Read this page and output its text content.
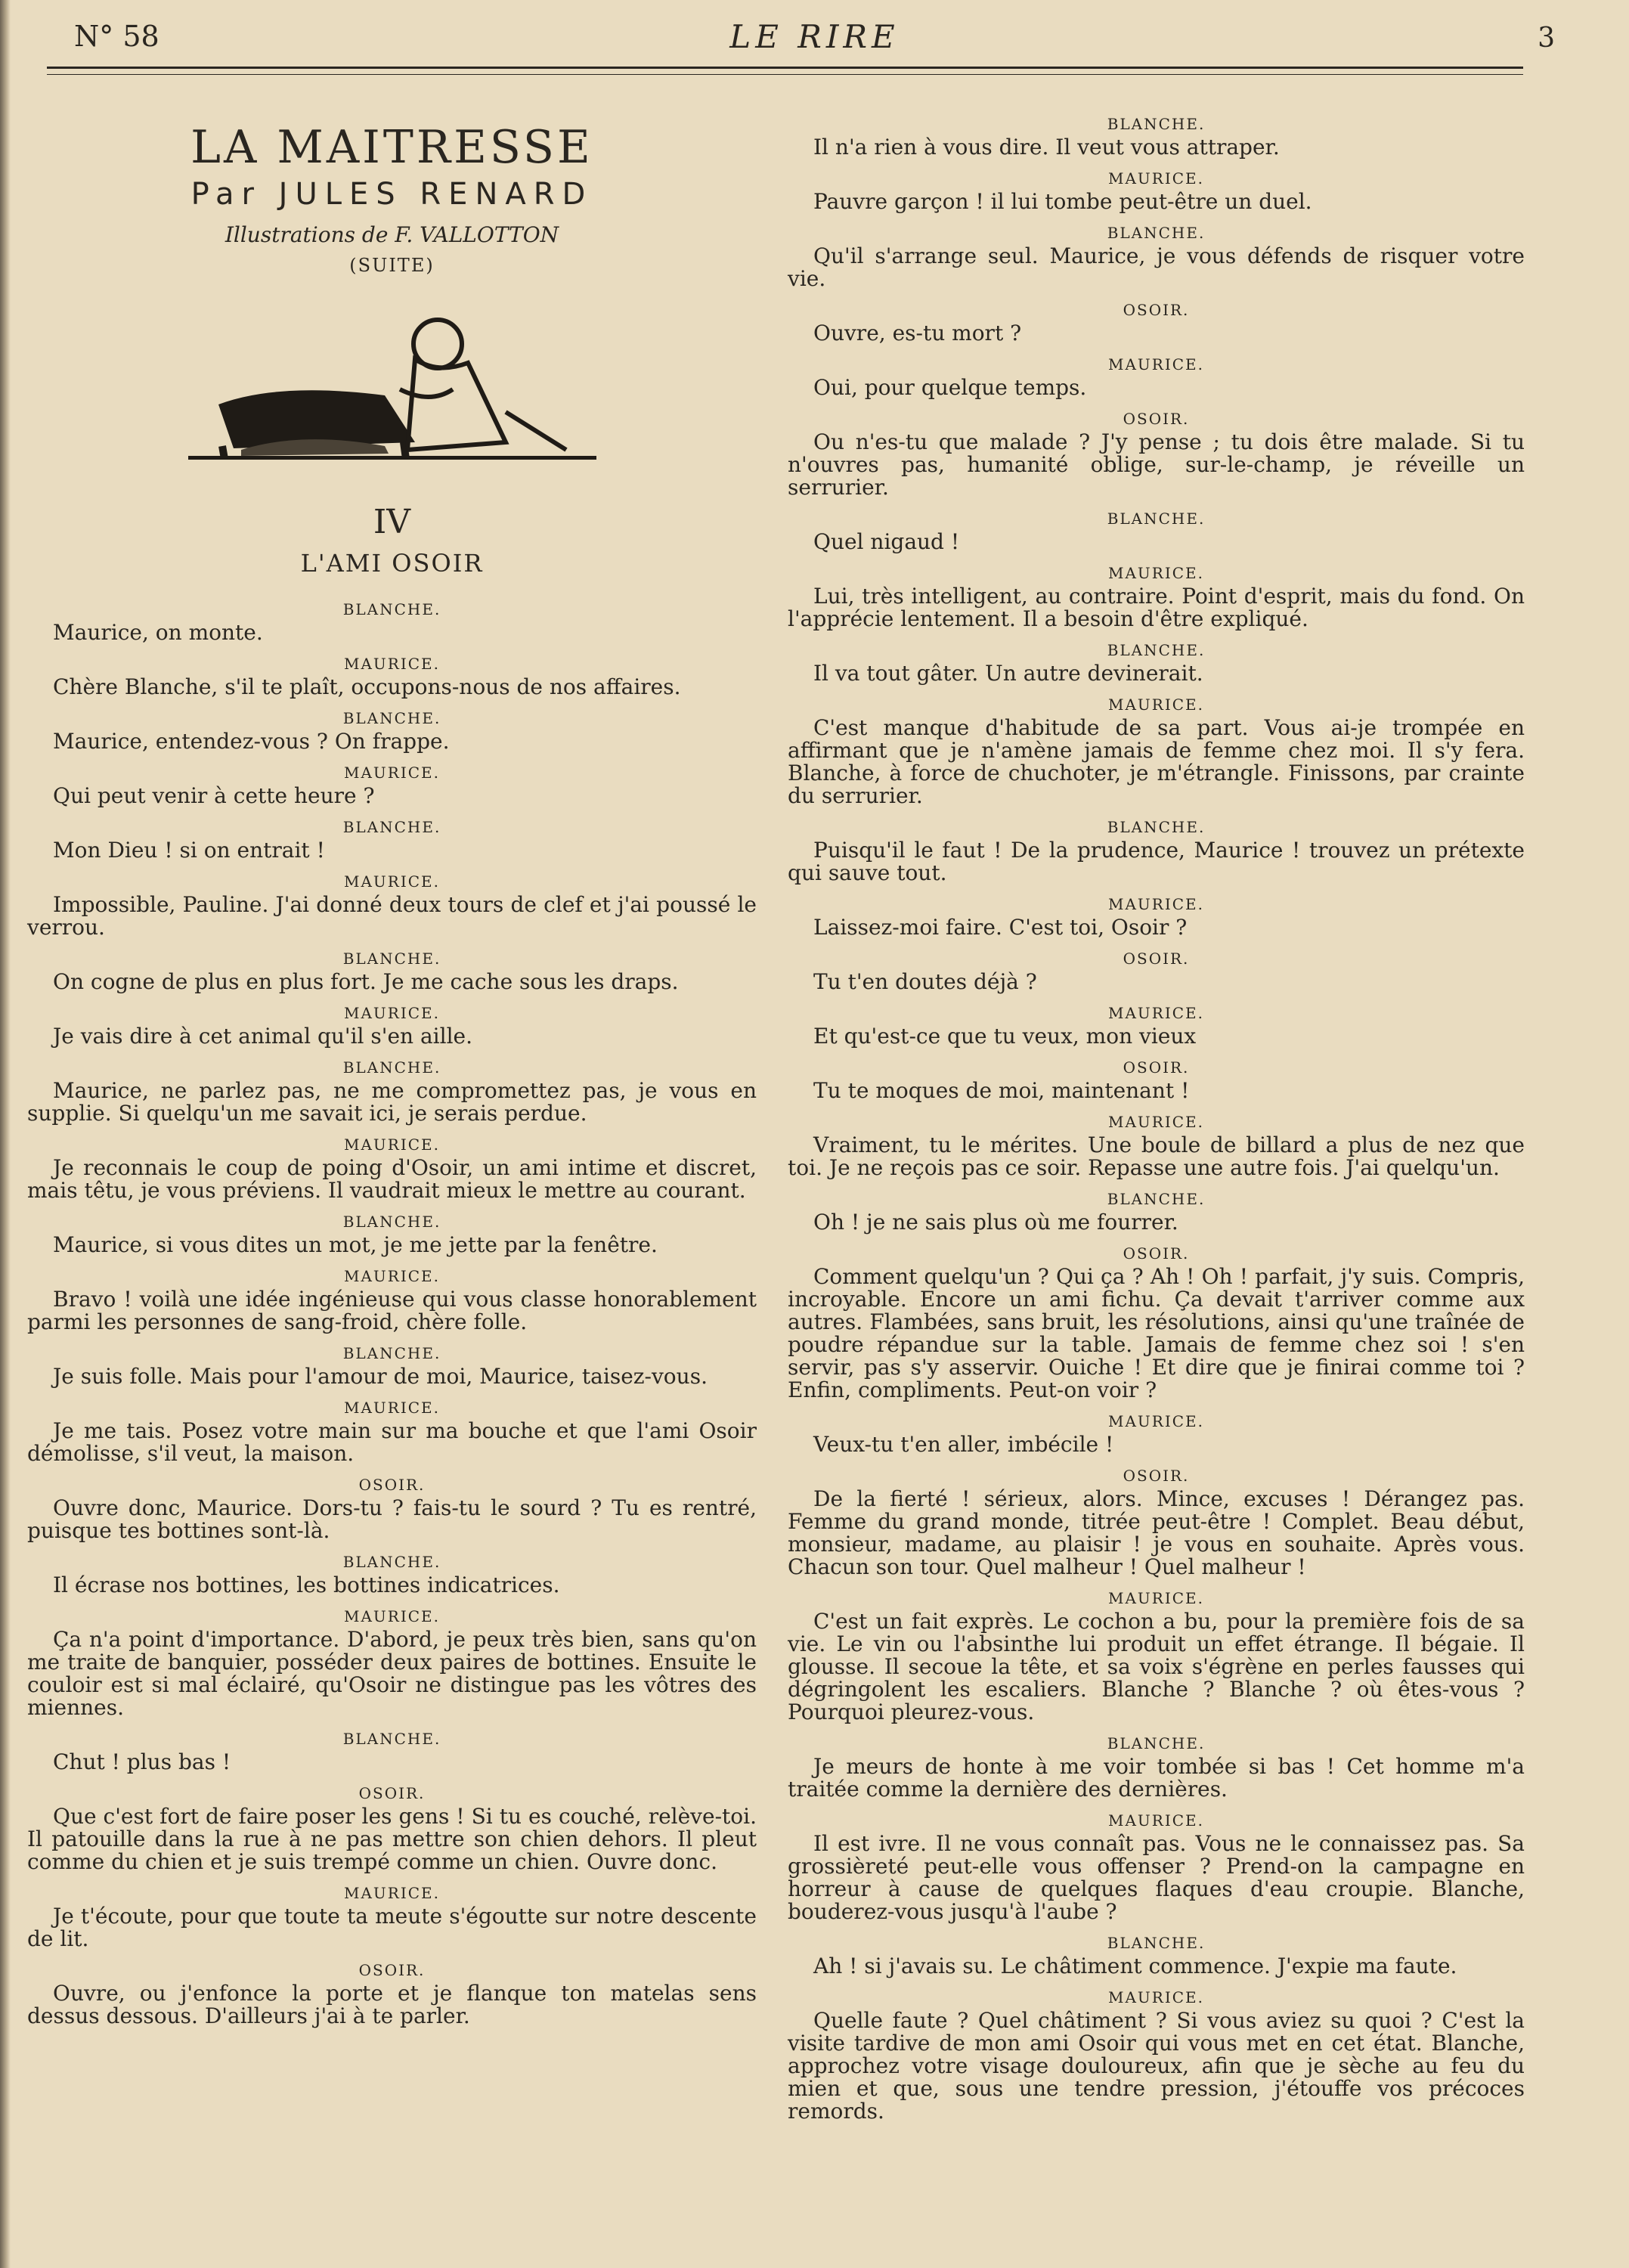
N° 58	LE RIRE	3
LA MAITRESSE

Par JULES RENARD

Illustrations de F. VALLOTTON

(SUITE)

IV
L'AMI OSOIR
BLANCHE.

Maurice, on monte.

MAURICE.

Chère Blanche, s'il te plaît, occupons-nous de nos affaires.

BLANCHE.

Maurice, entendez-vous ? On frappe.

MAURICE.

Qui peut venir à cette heure ?

BLANCHE.

Mon Dieu ! si on entrait !

MAURICE.

Impossible, Pauline. J'ai donné deux tours de clef et j'ai poussé le verrou.

BLANCHE.

On cogne de plus en plus fort. Je me cache sous les draps.

MAURICE.

Je vais dire à cet animal qu'il s'en aille.

BLANCHE.

Maurice, ne parlez pas, ne me compromettez pas, je vous en supplie. Si quelqu'un me savait ici, je serais perdue.

MAURICE.

Je reconnais le coup de poing d'Osoir, un ami intime et discret, mais têtu, je vous préviens. Il vaudrait mieux le mettre au courant.

BLANCHE.

Maurice, si vous dites un mot, je me jette par la fenêtre.

MAURICE.

Bravo ! voilà une idée ingénieuse qui vous classe honorablement parmi les personnes de sang-froid, chère folle.

BLANCHE.

Je suis folle. Mais pour l'amour de moi, Maurice, taisez-vous.

MAURICE.

Je me tais. Posez votre main sur ma bouche et que l'ami Osoir démolisse, s'il veut, la maison.

OSOIR.

Ouvre donc, Maurice. Dors-tu ? fais-tu le sourd ? Tu es rentré, puisque tes bottines sont-là.

BLANCHE.

Il écrase nos bottines, les bottines indicatrices.

MAURICE.

Ça n'a point d'importance. D'abord, je peux très bien, sans qu'on me traite de banquier, posséder deux paires de bottines. Ensuite le couloir est si mal éclairé, qu'Osoir ne distingue pas les vôtres des miennes.

BLANCHE.

Chut ! plus bas !

OSOIR.

Que c'est fort de faire poser les gens ! Si tu es couché, relève-toi. Il patouille dans la rue à ne pas mettre son chien dehors. Il pleut comme du chien et je suis trempé comme un chien. Ouvre donc.

MAURICE.

Je t'écoute, pour que toute ta meute s'égoutte sur notre descente de lit.

OSOIR.

Ouvre, ou j'enfonce la porte et je flanque ton matelas sens dessus dessous. D'ailleurs j'ai à te parler.

BLANCHE.

Il n'a rien à vous dire. Il veut vous attraper.

MAURICE.

Pauvre garçon ! il lui tombe peut-être un duel.

BLANCHE.

Qu'il s'arrange seul. Maurice, je vous défends de risquer votre vie.

OSOIR.

Ouvre, es-tu mort ?

MAURICE.

Oui, pour quelque temps.

OSOIR.

Ou n'es-tu que malade ? J'y pense ; tu dois être malade. Si tu n'ouvres pas, humanité oblige, sur-le-champ, je réveille un serrurier.

BLANCHE.

Quel nigaud !

MAURICE.

Lui, très intelligent, au contraire. Point d'esprit, mais du fond. On l'apprécie lentement. Il a besoin d'être expliqué.

BLANCHE.

Il va tout gâter. Un autre devinerait.

MAURICE.

C'est manque d'habitude de sa part. Vous ai-je trompée en affirmant que je n'amène jamais de femme chez moi. Il s'y fera. Blanche, à force de chuchoter, je m'étrangle. Finissons, par crainte du serrurier.

BLANCHE.

Puisqu'il le faut ! De la prudence, Maurice ! trouvez un prétexte qui sauve tout.

MAURICE.

Laissez-moi faire. C'est toi, Osoir ?

OSOIR.

Tu t'en doutes déjà ?

MAURICE.

Et qu'est-ce que tu veux, mon vieux

OSOIR.

Tu te moques de moi, maintenant !

MAURICE.

Vraiment, tu le mérites. Une boule de billard a plus de nez que toi. Je ne reçois pas ce soir. Repasse une autre fois. J'ai quelqu'un.

BLANCHE.

Oh ! je ne sais plus où me fourrer.

OSOIR.

Comment quelqu'un ? Qui ça ? Ah ! Oh ! parfait, j'y suis. Compris, incroyable. Encore un ami fichu. Ça devait t'arriver comme aux autres. Flambées, sans bruit, les résolutions, ainsi qu'une traînée de poudre répandue sur la table. Jamais de femme chez soi ! s'en servir, pas s'y asservir. Ouiche ! Et dire que je finirai comme toi ? Enfin, compliments. Peut-on voir ?

MAURICE.

Veux-tu t'en aller, imbécile !

OSOIR.

De la fierté ! sérieux, alors. Mince, excuses ! Dérangez pas. Femme du grand monde, titrée peut-être ! Complet. Beau début, monsieur, madame, au plaisir ! je vous en souhaite. Après vous. Chacun son tour. Quel malheur ! Quel malheur !

MAURICE.

C'est un fait exprès. Le cochon a bu, pour la première fois de sa vie. Le vin ou l'absinthe lui produit un effet étrange. Il bégaie. Il glousse. Il secoue la tête, et sa voix s'égrène en perles fausses qui dégringolent les escaliers. Blanche ? Blanche ? où êtes-vous ? Pourquoi pleurez-vous.

BLANCHE.

Je meurs de honte à me voir tombée si bas ! Cet homme m'a traitée comme la dernière des dernières.

MAURICE.

Il est ivre. Il ne vous connaît pas. Vous ne le connaissez pas. Sa grossièreté peut-elle vous offenser ? Prend-on la campagne en horreur à cause de quelques flaques d'eau croupie. Blanche, bouderez-vous jusqu'à l'aube ?

BLANCHE.

Ah ! si j'avais su. Le châtiment commence. J'expie ma faute.

MAURICE.

Quelle faute ? Quel châtiment ? Si vous aviez su quoi ? C'est la visite tardive de mon ami Osoir qui vous met en cet état. Blanche, approchez votre visage douloureux, afin que je sèche au feu du mien et que, sous une tendre pression, j'étouffe vos précoces remords.
